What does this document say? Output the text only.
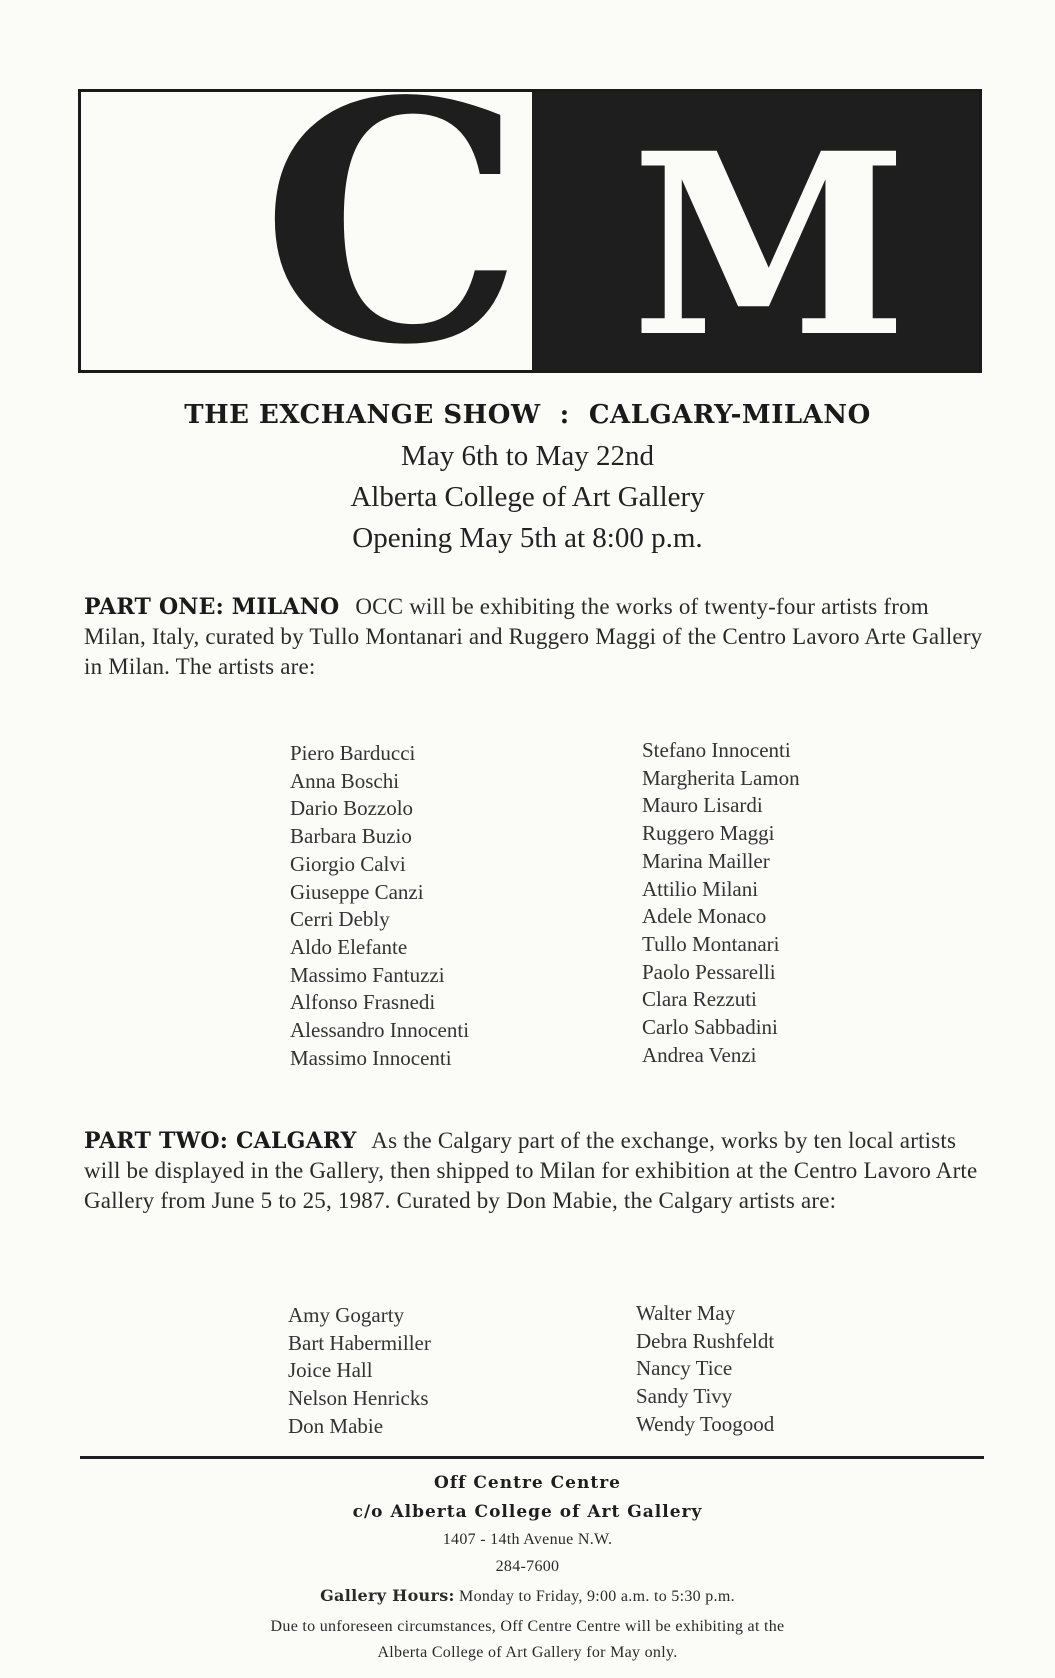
C M
THE EXCHANGE SHOW  :  CALGARY-MILANO
May 6th to May 22nd
Alberta College of Art Gallery
Opening May 5th at 8:00 p.m.
PART ONE: MILANO OCC will be exhibiting the works of twenty-four artists from Milan, Italy, curated by Tullo Montanari and Ruggero Maggi of the Centro Lavoro Arte Gallery in Milan. The artists are:
Piero Barducci
Anna Boschi
Dario Bozzolo
Barbara Buzio
Giorgio Calvi
Giuseppe Canzi
Cerri Debly
Aldo Elefante
Massimo Fantuzzi
Alfonso Frasnedi
Alessandro Innocenti
Massimo Innocenti
Stefano Innocenti
Margherita Lamon
Mauro Lisardi
Ruggero Maggi
Marina Mailler
Attilio Milani
Adele Monaco
Tullo Montanari
Paolo Pessarelli
Clara Rezzuti
Carlo Sabbadini
Andrea Venzi
PART TWO: CALGARY As the Calgary part of the exchange, works by ten local artists will be displayed in the Gallery, then shipped to Milan for exhibition at the Centro Lavoro Arte Gallery from June 5 to 25, 1987. Curated by Don Mabie, the Calgary artists are:
Amy Gogarty
Bart Habermiller
Joice Hall
Nelson Henricks
Don Mabie
Walter May
Debra Rushfeldt
Nancy Tice
Sandy Tivy
Wendy Toogood
Off Centre Centre
c/o Alberta College of Art Gallery
1407 - 14th Avenue N.W.
284-7600
Gallery Hours: Monday to Friday, 9:00 a.m. to 5:30 p.m.
Due to unforeseen circumstances, Off Centre Centre will be exhibiting at the Alberta College of Art Gallery for May only.
